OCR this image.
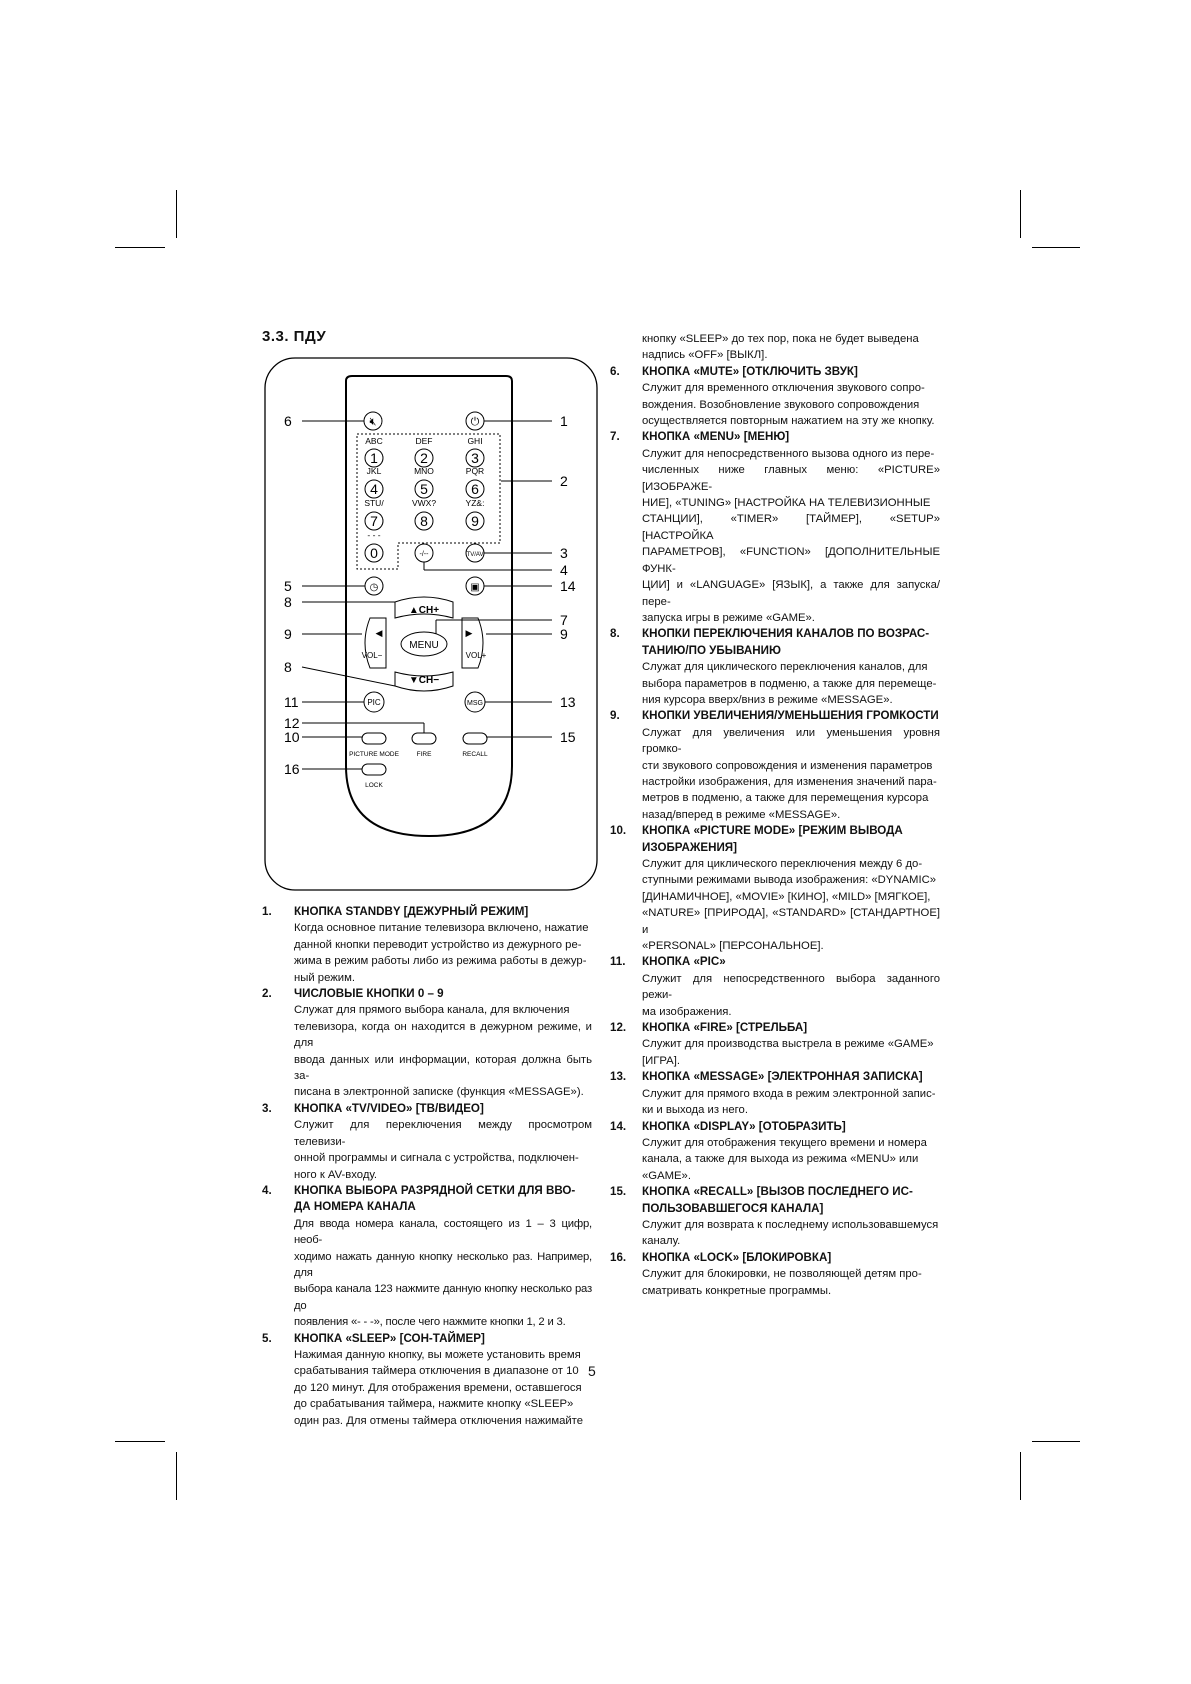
3.3. ПДУ
🔇︎	⏻
ABC	DEF	GHI
JKL	MNO	PQR
STU/	VWX?	YZ&:
- - -
1	2	3
4	5	6
7	8	9
0	-/--	TV/AV
◷	▣
▲CH+
▼CH−
◀
VOL−
▶
VOL+
MENU
PIC	MSG
PICTURE MODE	FIRE	RECALL
LOCK
6	1
2
3
4
5	14
8
7
9	9
8
11	13
12
10	15
16
1.	КНОПКА STANDBY [ДЕЖУРНЫЙ РЕЖИМ]
Когда основное питание телевизора включено, нажатие
данной кнопки переводит устройство из дежурного ре-
жима в режим работы либо из режима работы в дежур-
ный режим.
2.	ЧИСЛОВЫЕ КНОПКИ 0 – 9
Служат для прямого выбора канала, для включения
телевизора, когда он находится в дежурном режиме, и для
ввода данных или информации, которая должна быть за-
писана в электронной записке (функция «MESSAGE»).
3.	КНОПКА «TV/VIDEO» [ТВ/ВИДЕО]
Служит для переключения между просмотром телевизи-
онной программы и сигнала с устройства, подключен-
ного к AV-входу.
4.	КНОПКА ВЫБОРА РАЗРЯДНОЙ СЕТКИ ДЛЯ ВВО-
ДА НОМЕРА КАНАЛА
Для ввода номера канала, состоящего из 1 – 3 цифр, необ-
ходимо нажать данную кнопку несколько раз. Например, для
выбора канала 123 нажмите данную кнопку несколько раз до
появления «- - -», после чего нажмите кнопки 1, 2 и 3.
5.	КНОПКА «SLEEP» [СОН-ТАЙМЕР]
Нажимая данную кнопку, вы можете установить время
срабатывания таймера отключения в диапазоне от 10
до 120 минут. Для отображения времени, оставшегося
до срабатывания таймера, нажмите кнопку «SLEEP»
один раз. Для отмены таймера отключения нажимайте
кнопку «SLEEP» до тех пор, пока не будет выведена
надпись «OFF» [ВЫКЛ].
6.	КНОПКА «MUTE» [ОТКЛЮЧИТЬ ЗВУК]
Служит для временного отключения звукового сопро-
вождения. Возобновление звукового сопровождения
осуществляется повторным нажатием на эту же кнопку.
7.	КНОПКА «MENU» [МЕНЮ]
Служит для непосредственного вызова одного из пере-
численных ниже главных меню: «PICTURE» [ИЗОБРАЖЕ-
НИЕ], «TUNING» [НАСТРОЙКА НА ТЕЛЕВИЗИОННЫЕ
СТАНЦИИ], «TIMER» [ТАЙМЕР], «SETUP» [НАСТРОЙКА
ПАРАМЕТРОВ], «FUNCTION» [ДОПОЛНИТЕЛЬНЫЕ ФУНК-
ЦИИ] и «LANGUAGE» [ЯЗЫК], а также для запуска/пере-
запуска игры в режиме «GAME».
8.	КНОПКИ ПЕРЕКЛЮЧЕНИЯ КАНАЛОВ ПО ВОЗРАС-
ТАНИЮ/ПО УБЫВАНИЮ
Служат для циклического переключения каналов, для
выбора параметров в подменю, а также для перемеще-
ния курсора вверх/вниз в режиме «MESSAGE».
9.	КНОПКИ УВЕЛИЧЕНИЯ/УМЕНЬШЕНИЯ ГРОМКОСТИ
Служат для увеличения или уменьшения уровня громко-
сти звукового сопровождения и изменения параметров
настройки изображения, для изменения значений пара-
метров в подменю, а также для перемещения курсора
назад/вперед в режиме «MESSAGE».
10.	КНОПКА «PICTURE MODE» [РЕЖИМ ВЫВОДА
ИЗОБРАЖЕНИЯ]
Служит для циклического переключения между 6 до-
ступными режимами вывода изображения: «DYNAMIC»
[ДИНАМИЧНОЕ], «MOVIE» [КИНО], «MILD» [МЯГКОЕ],
«NATURE» [ПРИРОДА], «STANDARD» [СТАНДАРТНОЕ] и
«PERSONAL» [ПЕРСОНАЛЬНОЕ].
11.	КНОПКА «PIC»
Служит для непосредственного выбора заданного режи-
ма изображения.
12.	КНОПКА «FIRE» [СТРЕЛЬБА]
Служит для производства выстрела в режиме «GAME»
[ИГРА].
13.	КНОПКА «MESSAGE» [ЭЛЕКТРОННАЯ ЗАПИСКА]
Служит для прямого входа в режим электронной запис-
ки и выхода из него.
14.	КНОПКА «DISPLAY» [ОТОБРАЗИТЬ]
Служит для отображения текущего времени и номера
канала, а также для выхода из режима «MENU» или
«GAME».
15.	КНОПКА «RECALL» [ВЫЗОВ ПОСЛЕДНЕГО ИС-
ПОЛЬЗОВАВШЕГОСЯ КАНАЛА]
Служит для возврата к последнему использовавшемуся
каналу.
16.	КНОПКА «LOCK» [БЛОКИРОВКА]
Служит для блокировки, не позволяющей детям про-
сматривать конкретные программы.
5
